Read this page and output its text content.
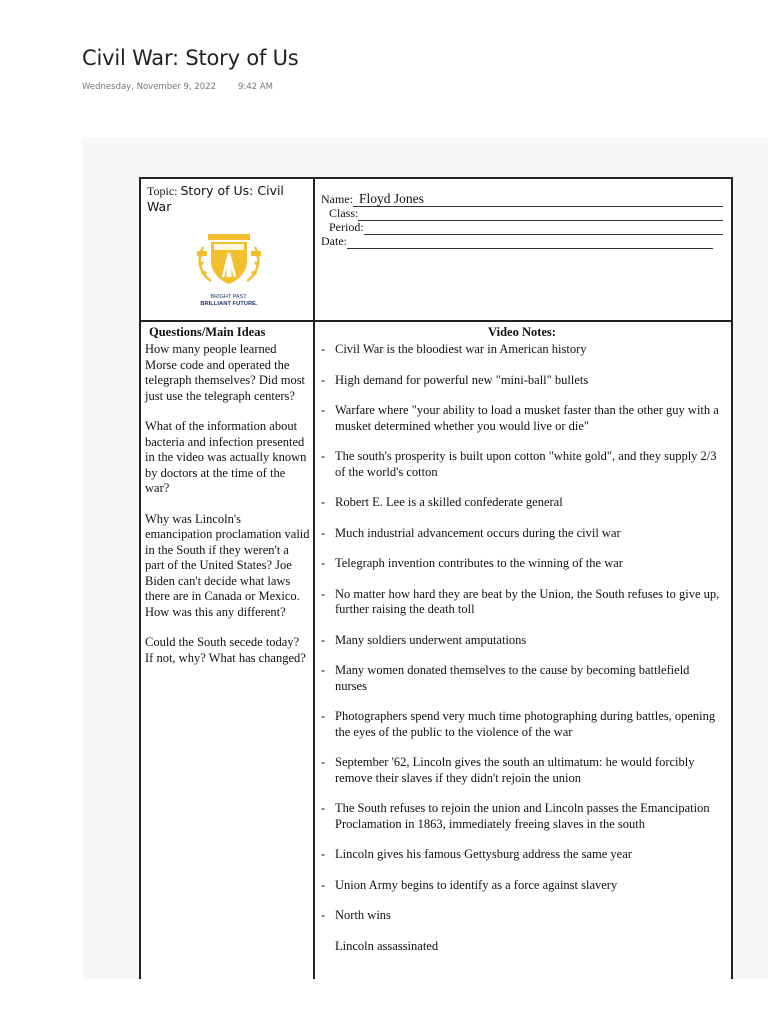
Civil War: Story of Us
Wednesday, November 9, 2022	9:42 AM
Topic: Story of Us: Civil War
BRIGHT PAST.
BRILLIANT FUTURE.
Name: Floyd Jones
Class:
Period:
Date:
Questions/Main Ideas
How many people learned Morse code and operated the telegraph themselves? Did most just use the telegraph centers?
What of the information about bacteria and infection presented in the video was actually known by doctors at the time of the war?
Why was Lincoln's emancipation proclamation valid in the South if they weren't a part of the United States? Joe Biden can't decide what laws there are in Canada or Mexico. How was this any different?
Could the South secede today? If not, why? What has changed?
Video Notes:
- Civil War is the bloodiest war in American history
- High demand for powerful new "mini-ball" bullets
- Warfare where "your ability to load a musket faster than the other guy with a musket determined whether you would live or die"
- The south's prosperity is built upon cotton "white gold", and they supply 2/3 of the world's cotton
- Robert E. Lee is a skilled confederate general
- Much industrial advancement occurs during the civil war
- Telegraph invention contributes to the winning of the war
- No matter how hard they are beat by the Union, the South refuses to give up, further raising the death toll
- Many soldiers underwent amputations
- Many women donated themselves to the cause by becoming battlefield nurses
- Photographers spend very much time photographing during battles, opening the eyes of the public to the violence of the war
- September '62, Lincoln gives the south an ultimatum: he would forcibly remove their slaves if they didn't rejoin the union
- The South refuses to rejoin the union and Lincoln passes the Emancipation Proclamation in 1863, immediately freeing slaves in the south
- Lincoln gives his famous Gettysburg address the same year
- Union Army begins to identify as a force against slavery
- North wins
Lincoln assassinated
